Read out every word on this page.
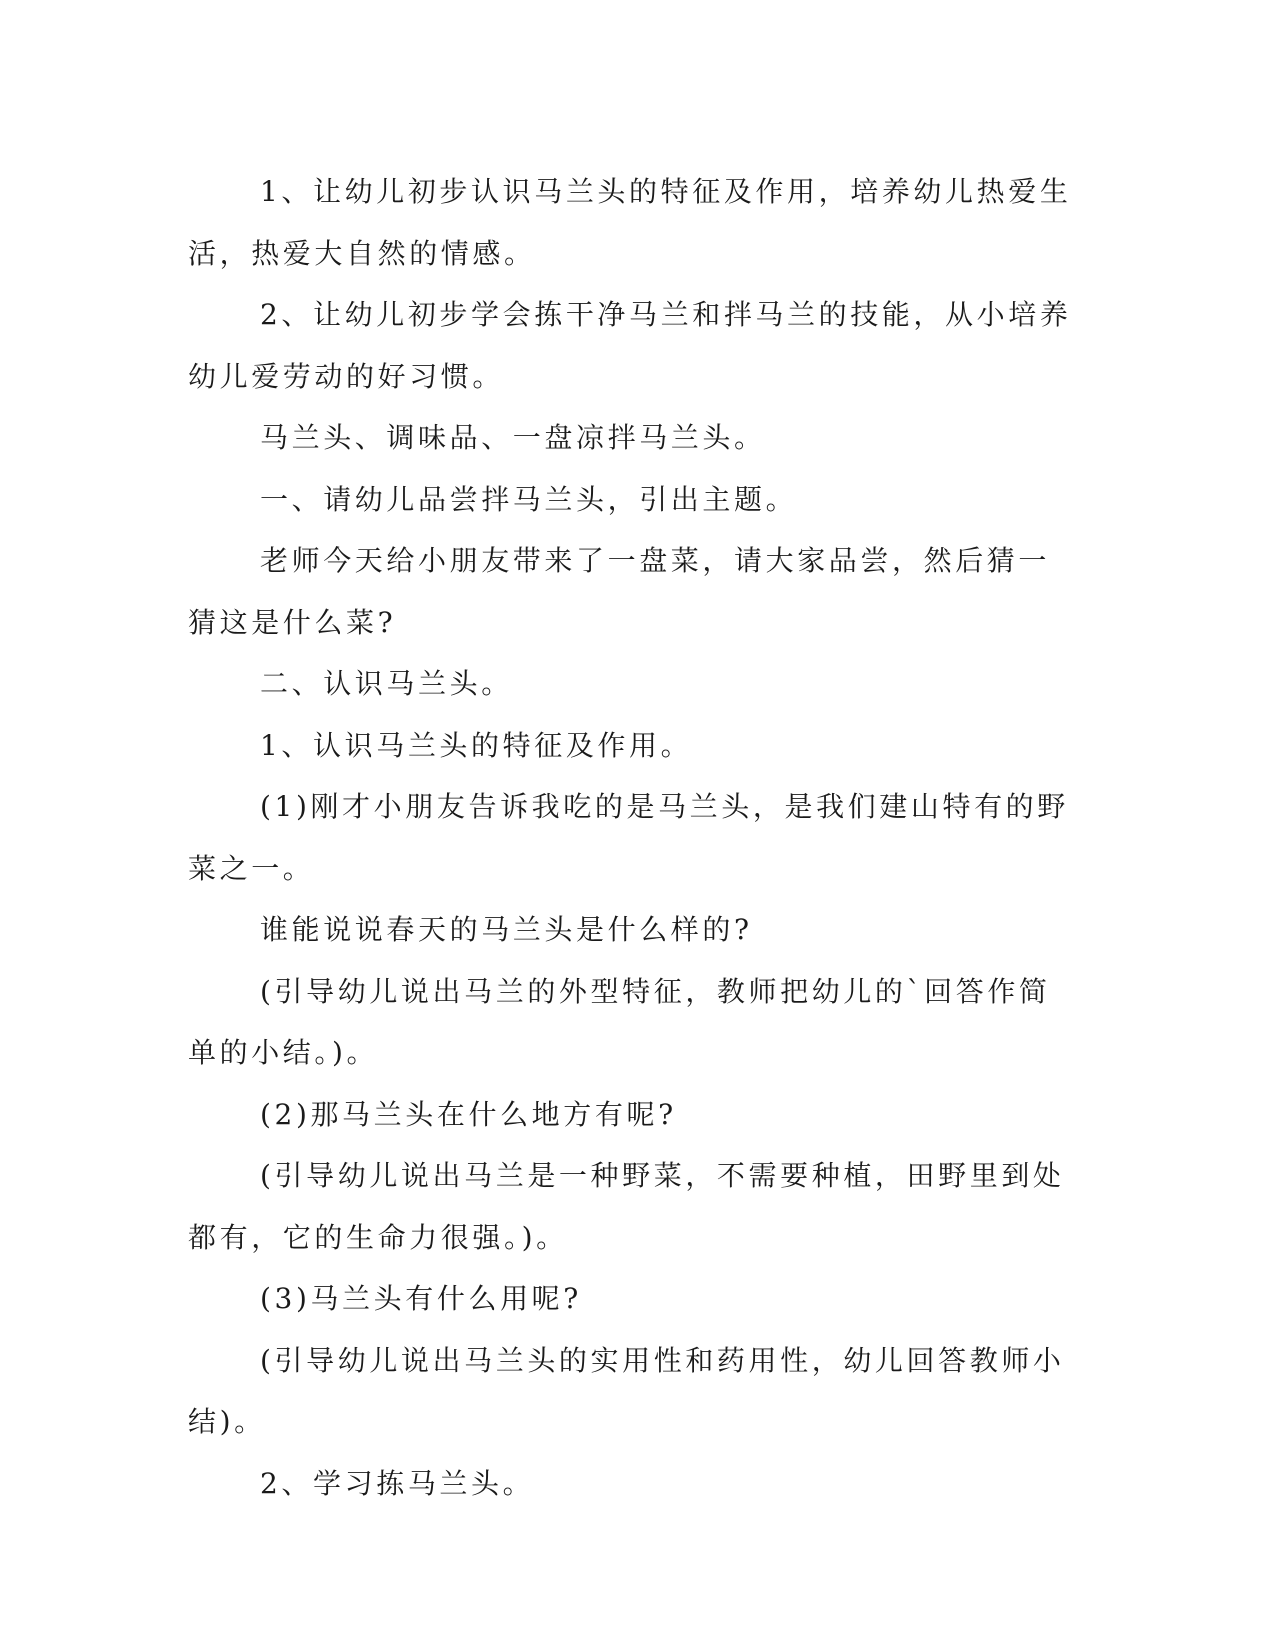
1、让幼儿初步认识马兰头的特征及作用，培养幼儿热爱生活，热爱大自然的情感。

2、让幼儿初步学会拣干净马兰和拌马兰的技能，从小培养幼儿爱劳动的好习惯。

马兰头、调味品、一盘凉拌马兰头。

一、请幼儿品尝拌马兰头，引出主题。

老师今天给小朋友带来了一盘菜，请大家品尝，然后猜一猜这是什么菜?

二、认识马兰头。

1、认识马兰头的特征及作用。

(1)刚才小朋友告诉我吃的是马兰头，是我们建山特有的野菜之一。

谁能说说春天的马兰头是什么样的?

(引导幼儿说出马兰的外型特征，教师把幼儿的`回答作简单的小结。)。

(2)那马兰头在什么地方有呢?

(引导幼儿说出马兰是一种野菜，不需要种植，田野里到处都有，它的生命力很强。)。

(3)马兰头有什么用呢?

(引导幼儿说出马兰头的实用性和药用性，幼儿回答教师小结)。

2、学习拣马兰头。
